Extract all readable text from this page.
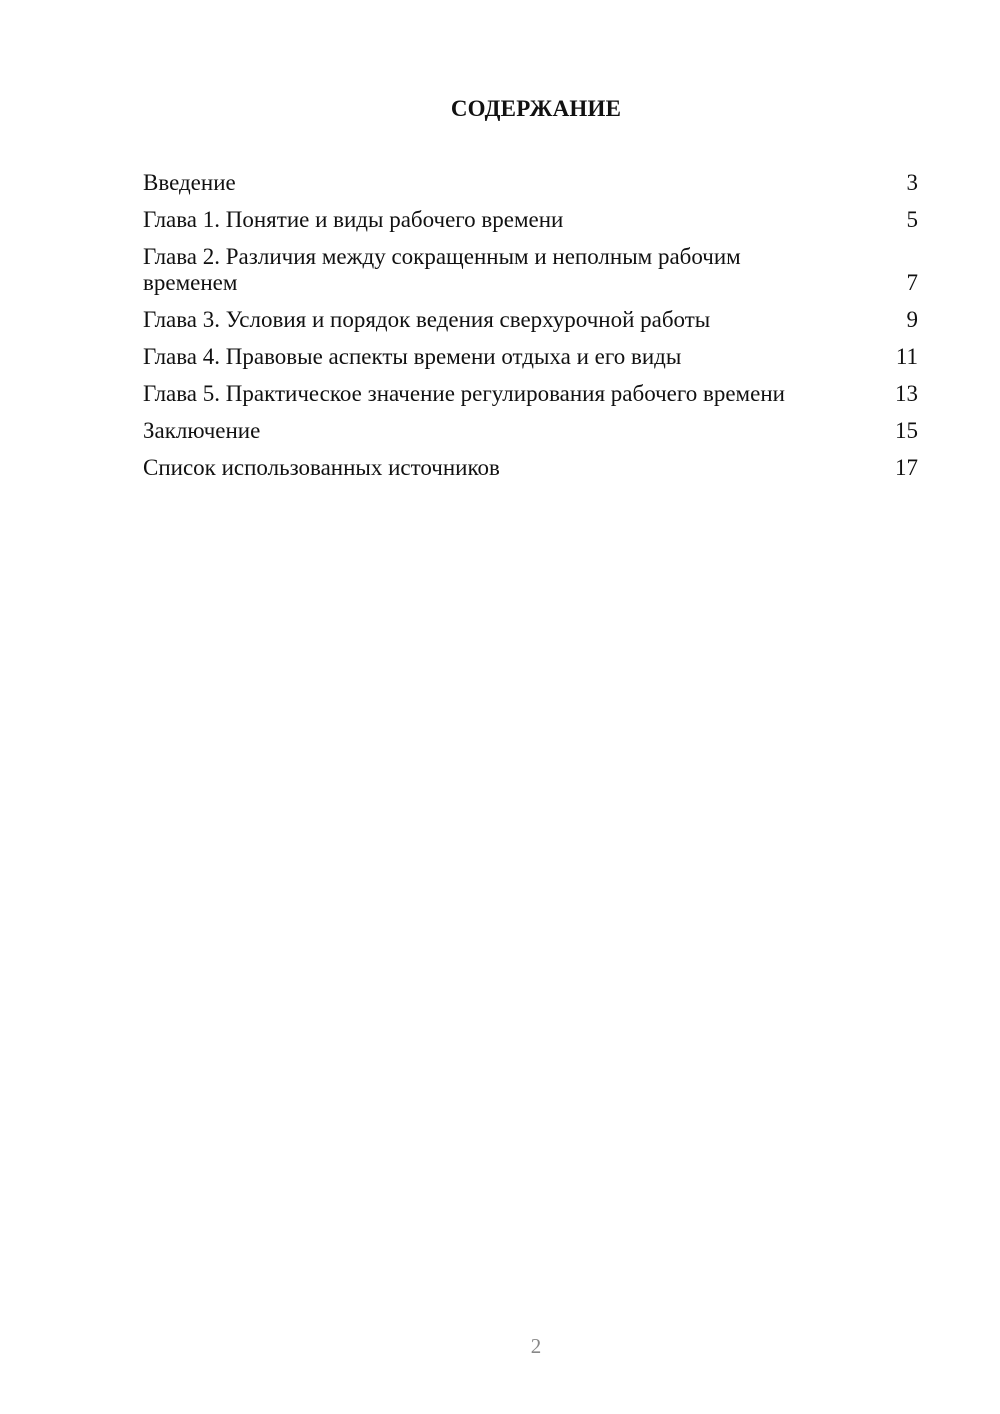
СОДЕРЖАНИЕ
Введение	3
Глава 1. Понятие и виды рабочего времени	5
Глава 2. Различия между сокращенным и неполным рабочим временем	7
Глава 3. Условия и порядок ведения сверхурочной работы	9
Глава 4. Правовые аспекты времени отдыха и его виды	11
Глава 5. Практическое значение регулирования рабочего времени	13
Заключение	15
Список использованных источников	17
2
